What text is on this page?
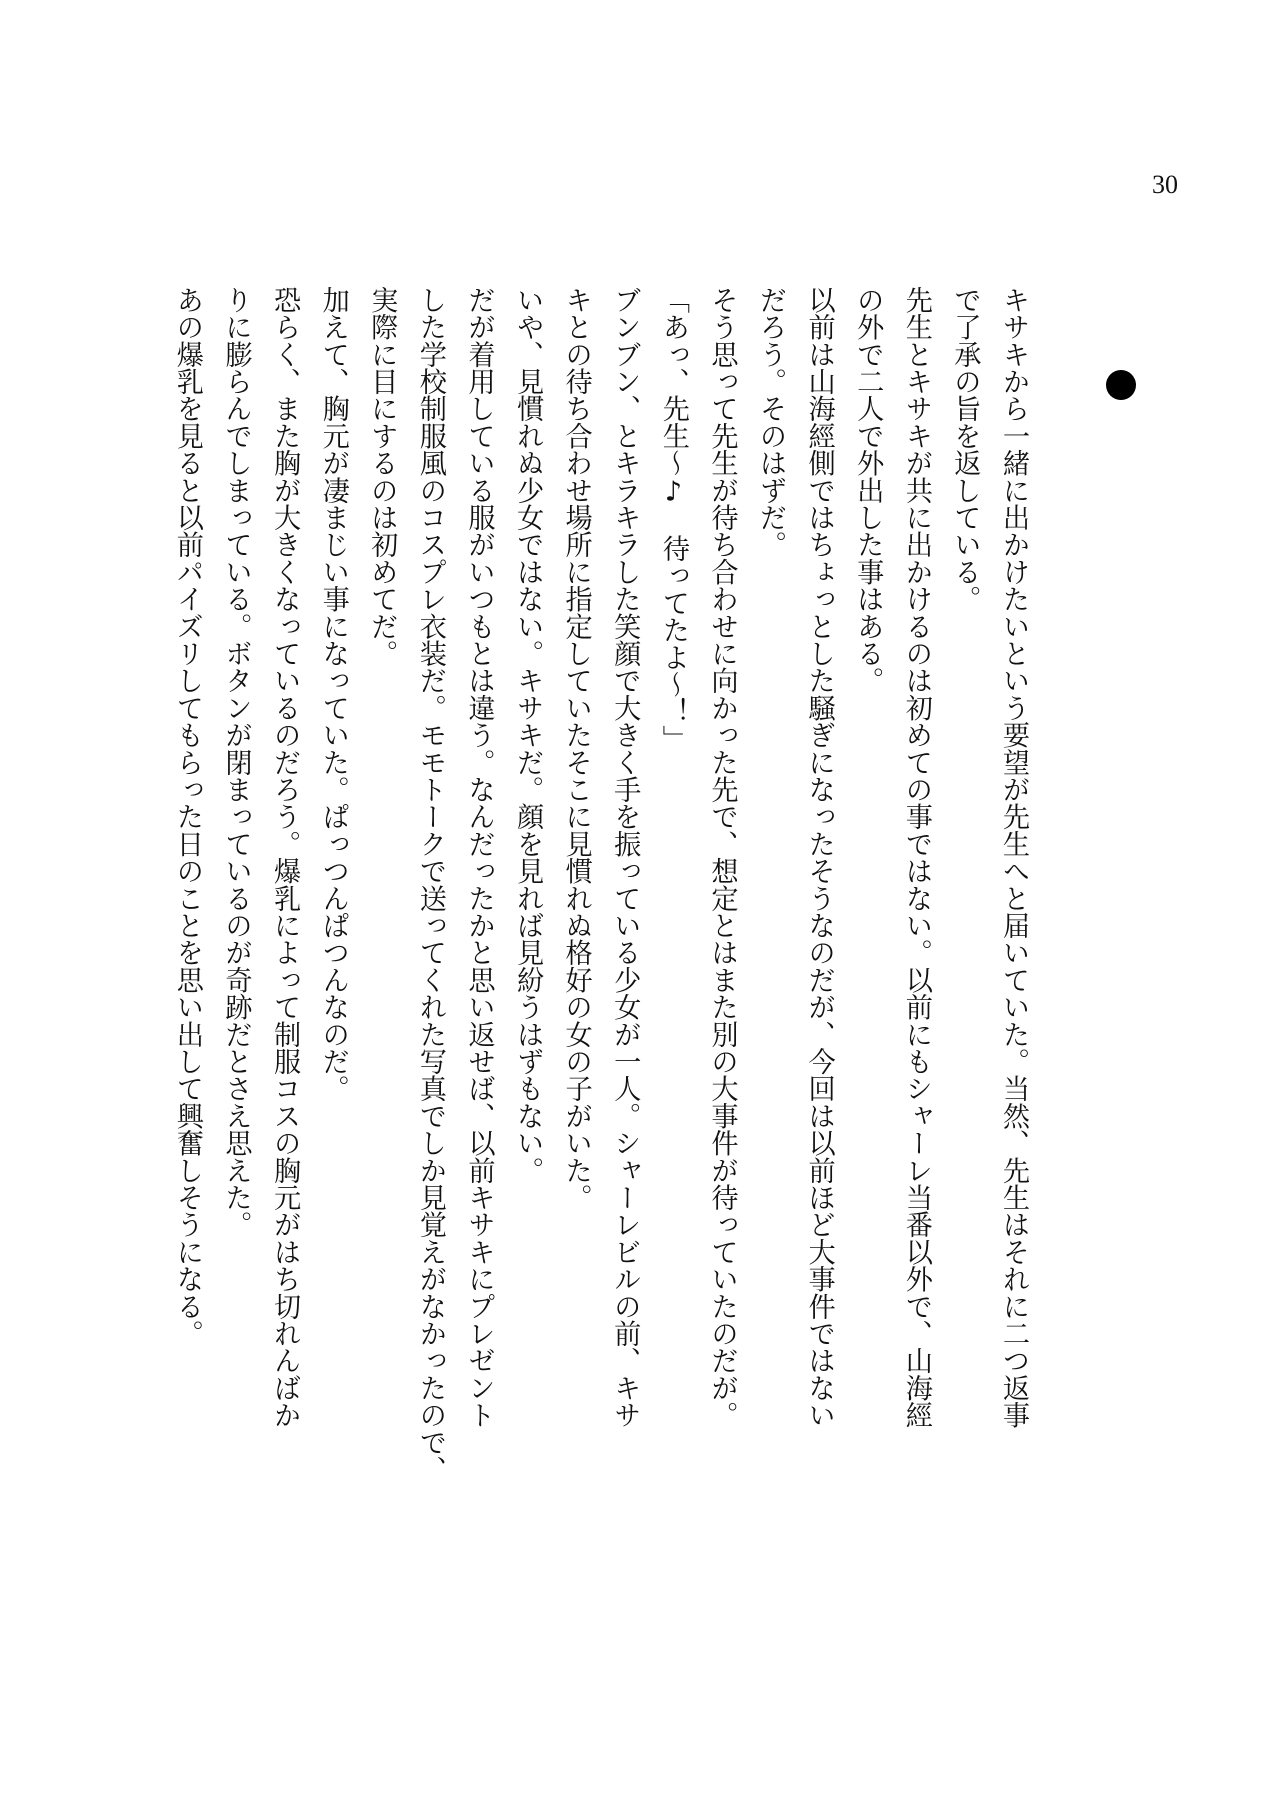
30
キサキから一緒に出かけたいという要望が先生へと届いていた。当然、先生はそれに二つ返事
で了承の旨を返している。
先生とキサキが共に出かけるのは初めての事ではない。以前にもシャーレ当番以外で、山海經
の外で二人で外出した事はある。
以前は山海經側ではちょっとした騒ぎになったそうなのだが、今回は以前ほど大事件ではない
だろう。そのはずだ。
そう思って先生が待ち合わせに向かった先で、想定とはまた別の大事件が待っていたのだが。
「あっ、先生～♪　待ってたよ～！」
ブンブン、とキラキラした笑顔で大きく手を振っている少女が一人。シャーレビルの前、キサ
キとの待ち合わせ場所に指定していたそこに見慣れぬ格好の女の子がいた。
いや、見慣れぬ少女ではない。キサキだ。顔を見れば見紛うはずもない。
だが着用している服がいつもとは違う。なんだったかと思い返せば、以前キサキにプレゼント
した学校制服風のコスプレ衣装だ。モモトークで送ってくれた写真でしか見覚えがなかったので、
実際に目にするのは初めてだ。
加えて、胸元が凄まじい事になっていた。ぱっつんぱつんなのだ。
恐らく、また胸が大きくなっているのだろう。爆乳によって制服コスの胸元がはち切れんばか
りに膨らんでしまっている。ボタンが閉まっているのが奇跡だとさえ思えた。
あの爆乳を見ると以前パイズリしてもらった日のことを思い出して興奮しそうになる。
